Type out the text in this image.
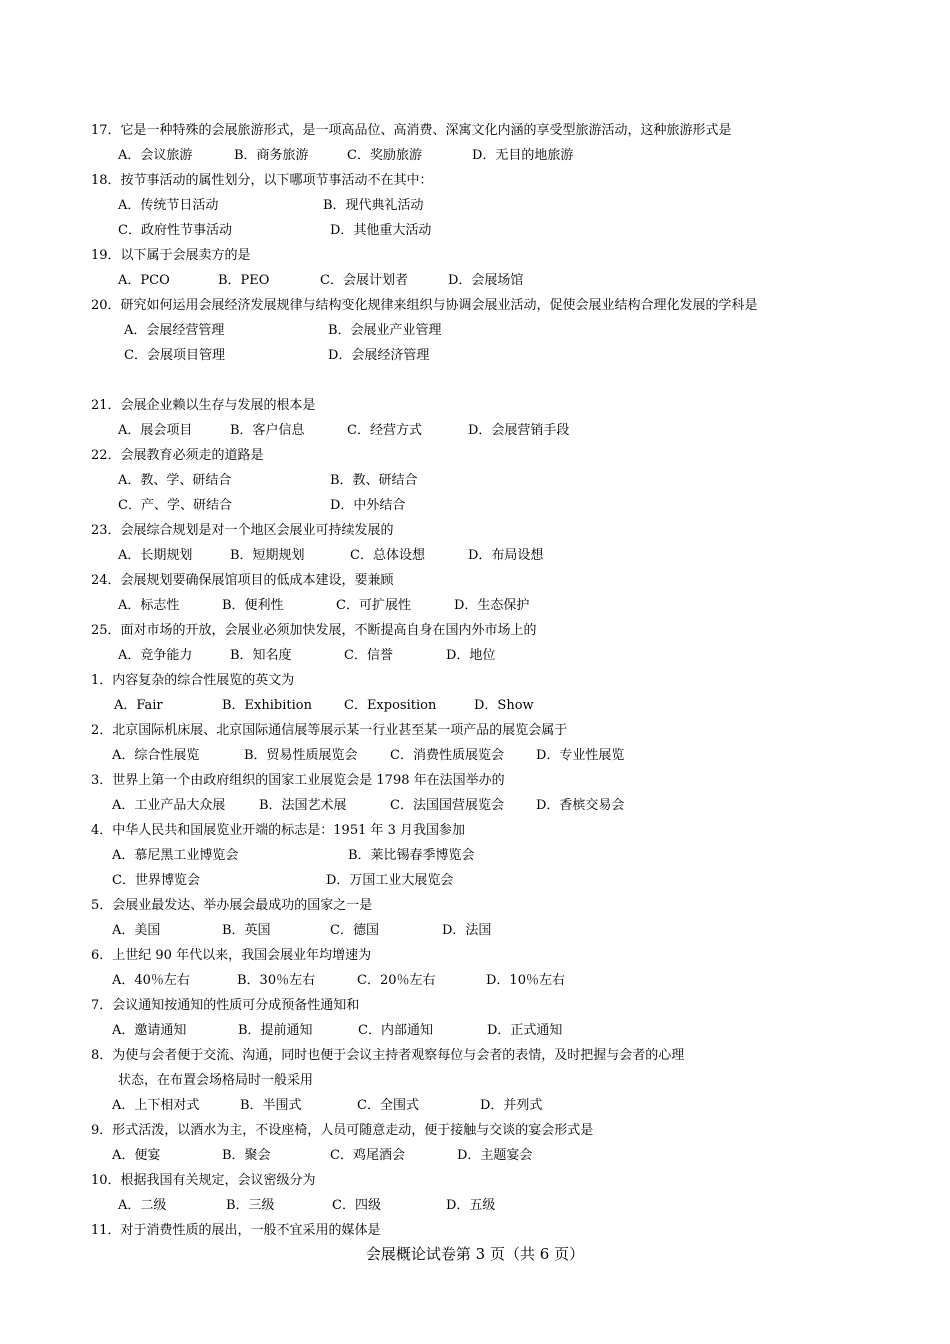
17．它是一种特殊的会展旅游形式，是一项高品位、高消费、深寓文化内涵的享受型旅游活动，这种旅游形式是
A．会议旅游	B．商务旅游	C．奖励旅游	D．无目的地旅游
18．按节事活动的属性划分，以下哪项节事活动不在其中：
A．传统节日活动	B．现代典礼活动
C．政府性节事活动	D．其他重大活动
19．以下属于会展卖方的是
A．PCO	B．PEO	C．会展计划者	D．会展场馆
20．研究如何运用会展经济发展规律与结构变化规律来组织与协调会展业活动，促使会展业结构合理化发展的学科是
A．会展经营管理	B．会展业产业管理
C．会展项目管理	D．会展经济管理
21．会展企业赖以生存与发展的根本是
A．展会项目	B．客户信息	C．经营方式	D．会展营销手段
22．会展教育必须走的道路是
A．教、学、研结合	B．教、研结合
C．产、学、研结合	D．中外结合
23．会展综合规划是对一个地区会展业可持续发展的
A．长期规划	B．短期规划	C．总体设想	D．布局设想
24．会展规划要确保展馆项目的低成本建设，要兼顾
A．标志性	B．便利性	C．可扩展性	D．生态保护
25．面对市场的开放，会展业必须加快发展，不断提高自身在国内外市场上的
A．竞争能力	B．知名度	C．信誉	D．地位
1．内容复杂的综合性展览的英文为
A．Fair	B．Exhibition C．Exposition	D．Show
2．北京国际机床展、北京国际通信展等展示某一行业甚至某一项产品的展览会属于
A．综合性展览	B．贸易性质展览会 C．消费性质展览会 D．专业性展览
3．世界上第一个由政府组织的国家工业展览会是 1798 年在法国举办的
A．工业产品大众展	B．法国艺术展	C．法国国营展览会 D．香槟交易会
4．中华人民共和国展览业开端的标志是：1951 年 3 月我国参加
A．慕尼黑工业博览会	B．莱比锡春季博览会
C．世界博览会	D．万国工业大展览会
5．会展业最发达、举办展会最成功的国家之一是
A．美国	B．英国	C．德国	D．法国
6．上世纪 90 年代以来，我国会展业年均增速为
A．40％左右	B．30％左右	C．20％左右	D．10％左右
7．会议通知按通知的性质可分成预备性通知和
A．邀请通知	B．提前通知	C．内部通知	D．正式通知
8．为使与会者便于交流、沟通，同时也便于会议主持者观察每位与会者的表情，及时把握与会者的心理
状态，在布置会场格局时一般采用
A．上下相对式	B．半围式	C．全围式	D．并列式
9．形式活泼，以酒水为主，不设座椅，人员可随意走动，便于接触与交谈的宴会形式是
A．便宴	B．聚会	C．鸡尾酒会	D．主题宴会
10．根据我国有关规定，会议密级分为
A．二级	B．三级	C．四级	D．五级
11．对于消费性质的展出，一般不宜采用的媒体是
会展概论试卷第 3 页（共 6 页）
